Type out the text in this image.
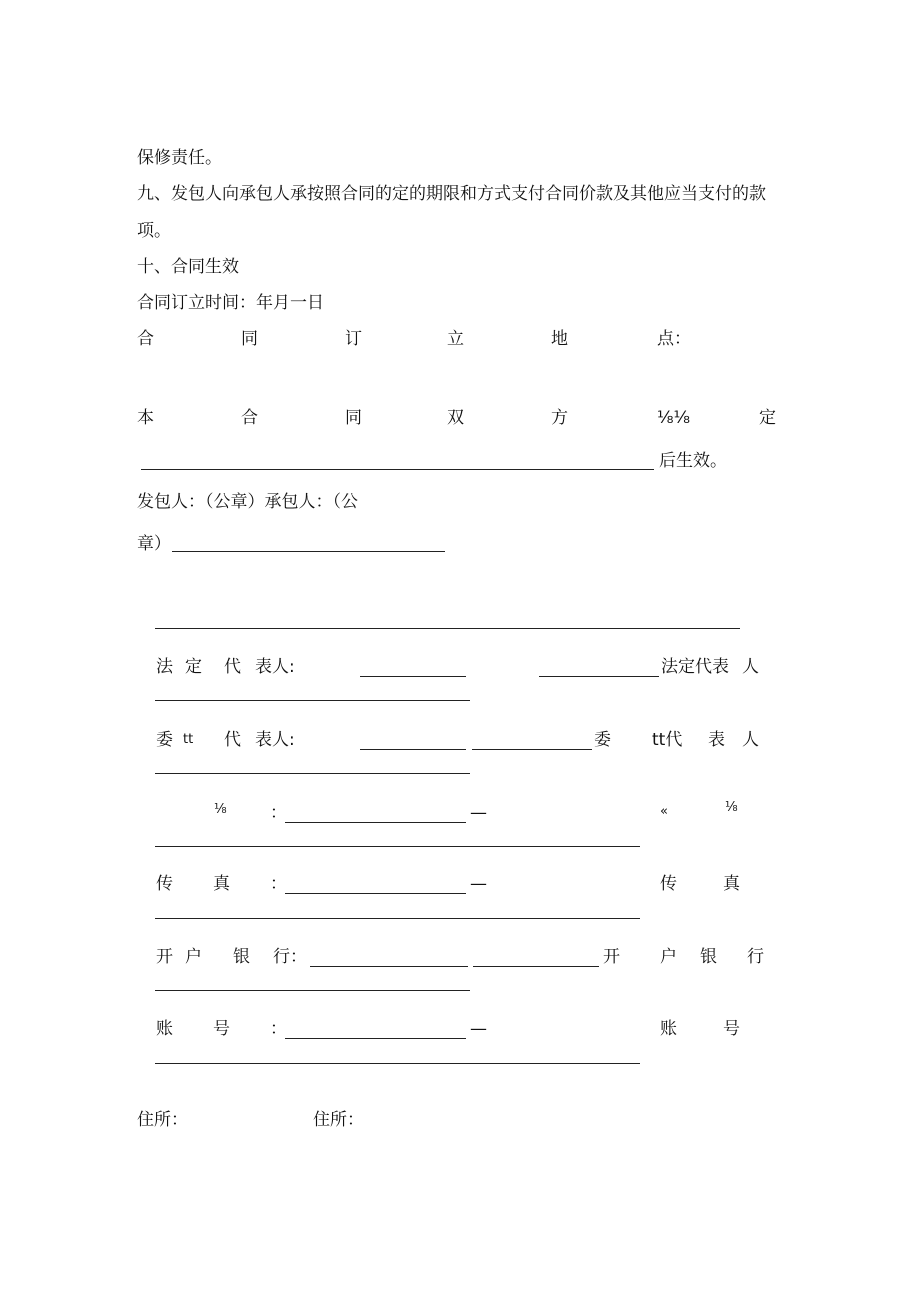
保修责任。
九、发包人向承包人承按照合同的定的期限和方式支付合同价款及其他应当支付的款
项。
十、合同生效
合同订立时间：年月一日
合	同	订	立	地	点：
本	合	同	双	方	⅛⅛	定
后生效。
发包人：（公章）承包人：（公
章）
法 定 代 表人:	法定代表 人
委 tt 代 表人:	委 tt代 表 人
⅛	：	—	«	⅛
传 真 ：	—	传	真
开 户 银 行：	开 户 银 行
账 号 ：	—	账	号
住所：	住所：
